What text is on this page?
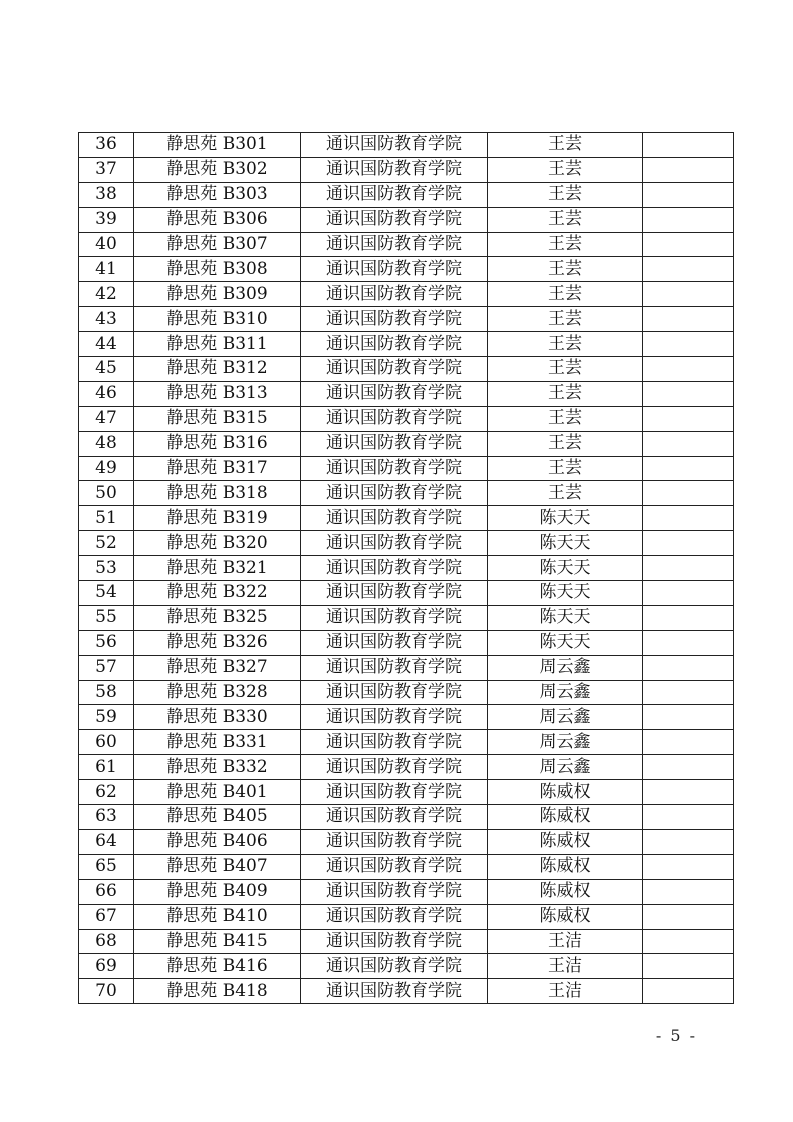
36	静思苑 B301	通识国防教育学院	王芸	
37	静思苑 B302	通识国防教育学院	王芸	
38	静思苑 B303	通识国防教育学院	王芸	
39	静思苑 B306	通识国防教育学院	王芸	
40	静思苑 B307	通识国防教育学院	王芸	
41	静思苑 B308	通识国防教育学院	王芸	
42	静思苑 B309	通识国防教育学院	王芸	
43	静思苑 B310	通识国防教育学院	王芸	
44	静思苑 B311	通识国防教育学院	王芸	
45	静思苑 B312	通识国防教育学院	王芸	
46	静思苑 B313	通识国防教育学院	王芸	
47	静思苑 B315	通识国防教育学院	王芸	
48	静思苑 B316	通识国防教育学院	王芸	
49	静思苑 B317	通识国防教育学院	王芸	
50	静思苑 B318	通识国防教育学院	王芸	
51	静思苑 B319	通识国防教育学院	陈天天	
52	静思苑 B320	通识国防教育学院	陈天天	
53	静思苑 B321	通识国防教育学院	陈天天	
54	静思苑 B322	通识国防教育学院	陈天天	
55	静思苑 B325	通识国防教育学院	陈天天	
56	静思苑 B326	通识国防教育学院	陈天天	
57	静思苑 B327	通识国防教育学院	周云鑫	
58	静思苑 B328	通识国防教育学院	周云鑫	
59	静思苑 B330	通识国防教育学院	周云鑫	
60	静思苑 B331	通识国防教育学院	周云鑫	
61	静思苑 B332	通识国防教育学院	周云鑫	
62	静思苑 B401	通识国防教育学院	陈威权	
63	静思苑 B405	通识国防教育学院	陈威权	
64	静思苑 B406	通识国防教育学院	陈威权	
65	静思苑 B407	通识国防教育学院	陈威权	
66	静思苑 B409	通识国防教育学院	陈威权	
67	静思苑 B410	通识国防教育学院	陈威权	
68	静思苑 B415	通识国防教育学院	王洁	
69	静思苑 B416	通识国防教育学院	王洁	
70	静思苑 B418	通识国防教育学院	王洁	
- 5 -
